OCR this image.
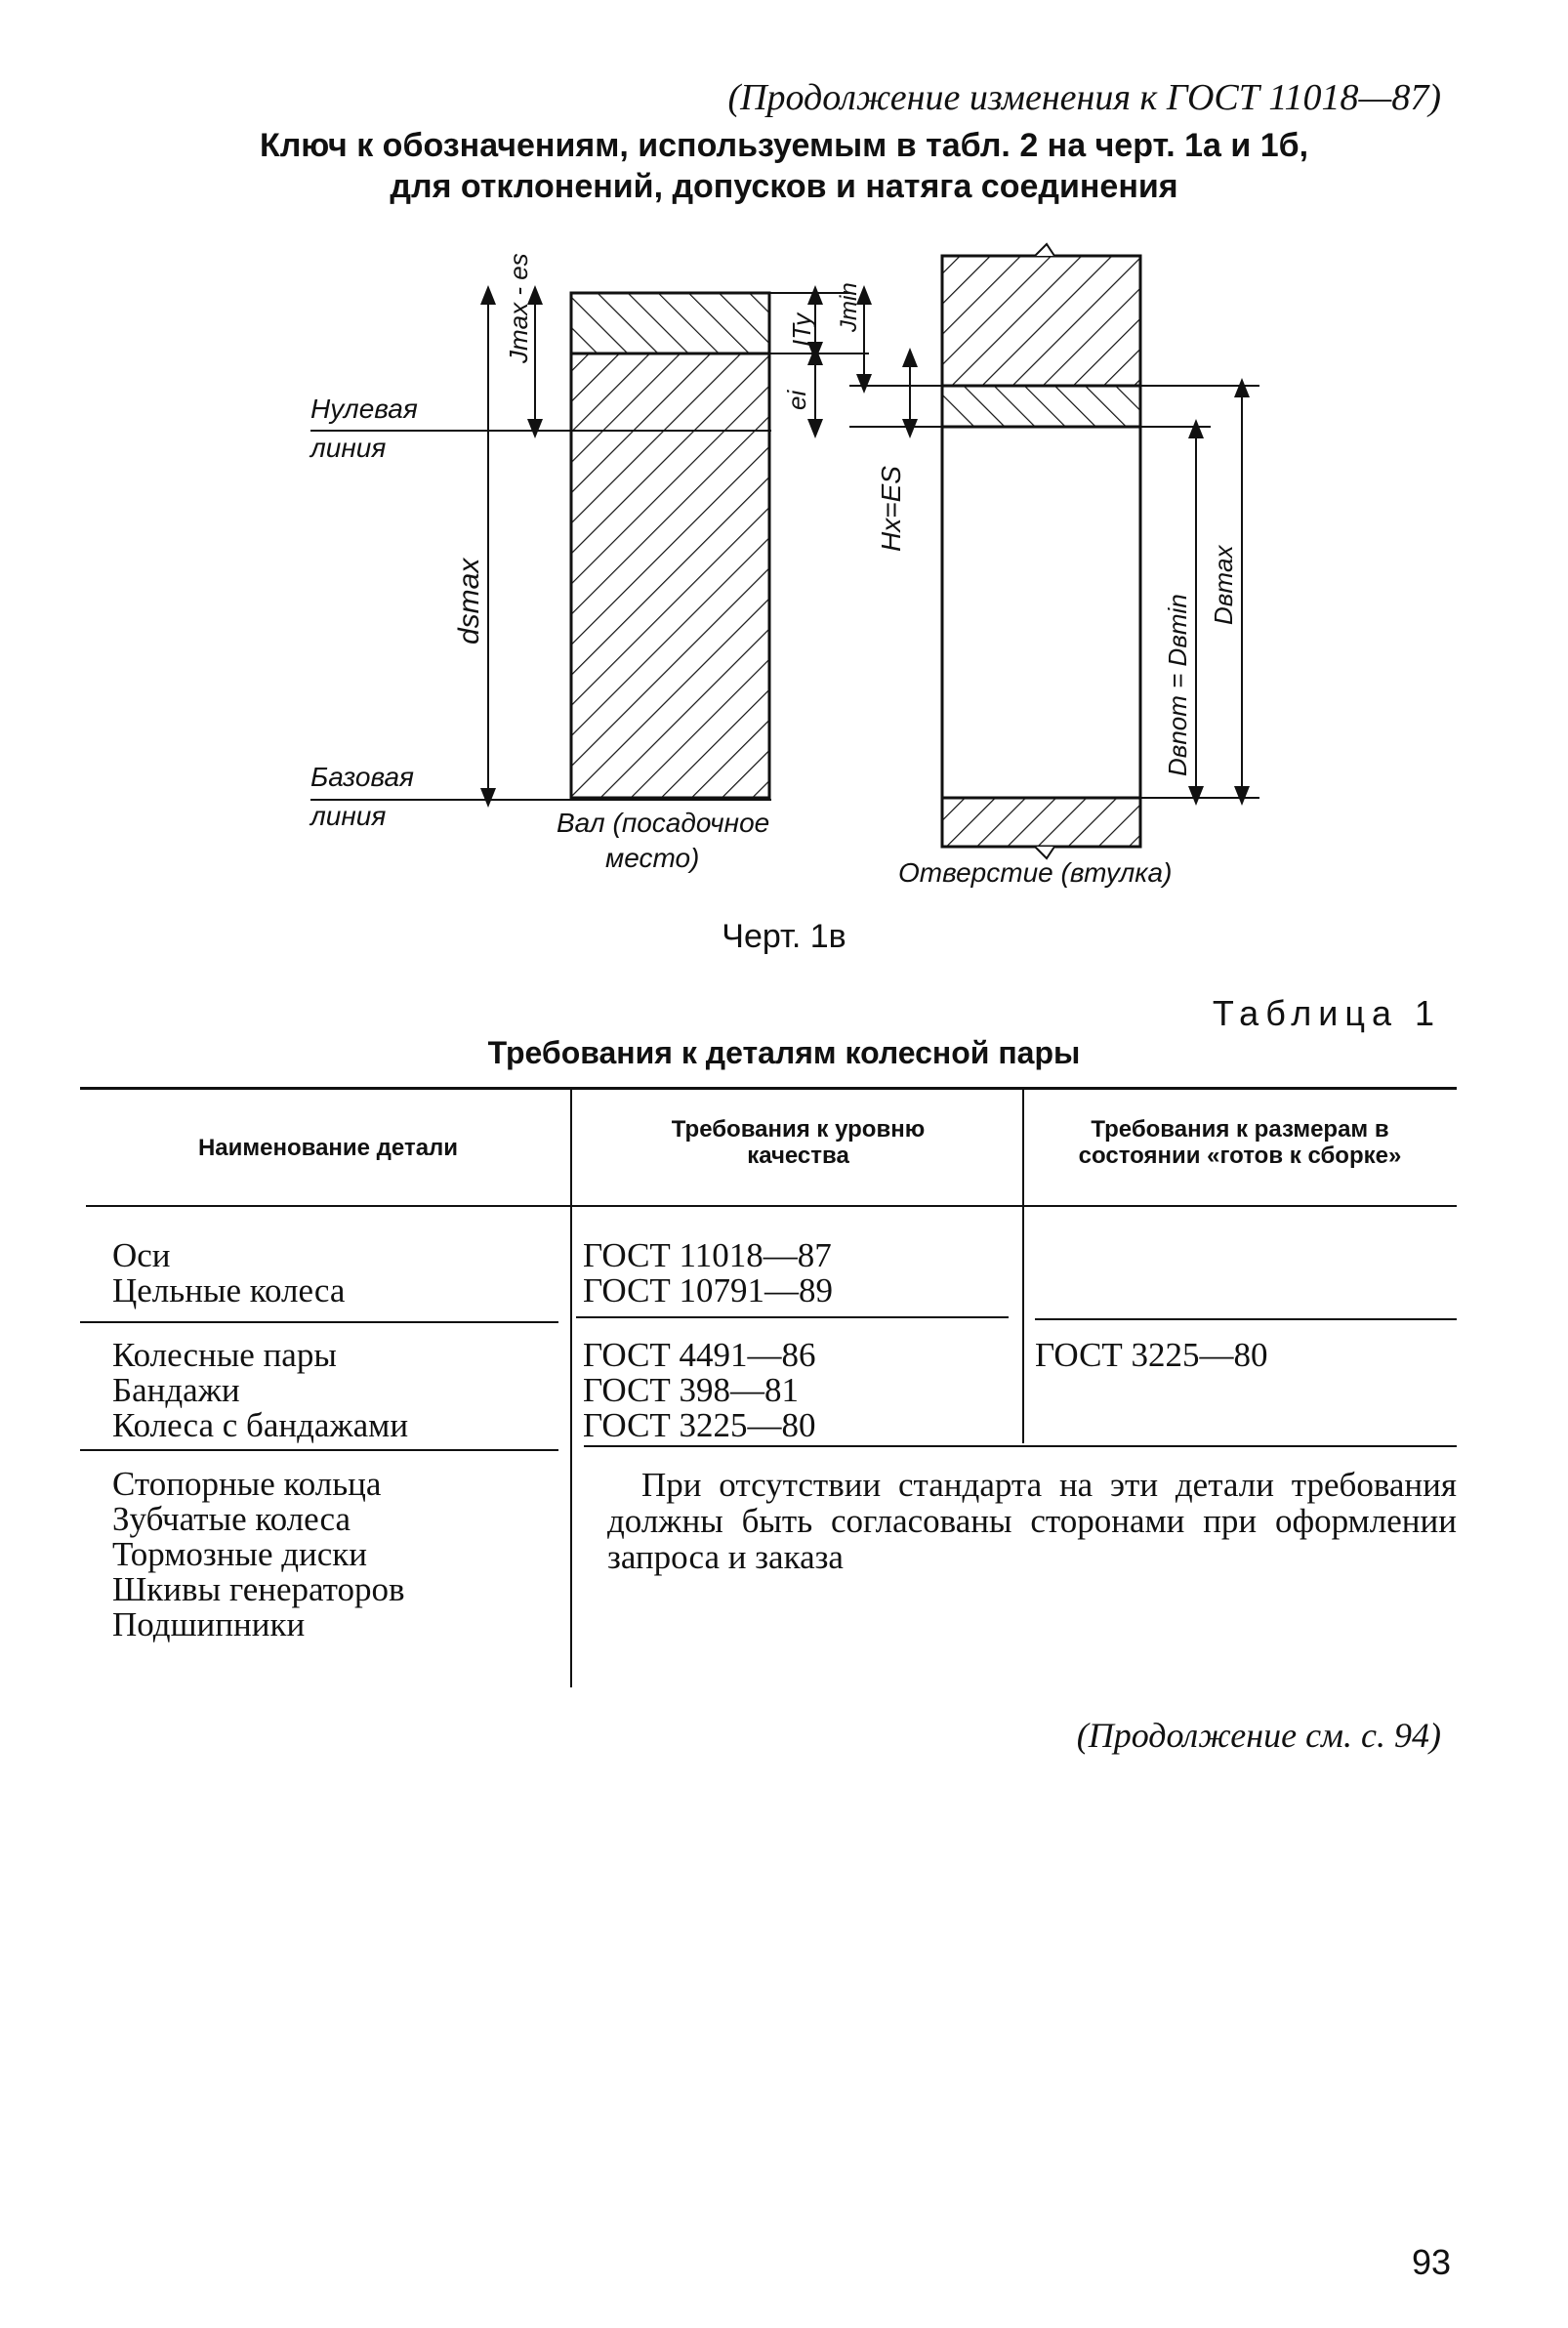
(Продолжение изменения к ГОСТ 11018—87)
Ключ к обозначениям, используемым в табл. 2 на черт. 1а и 1б,
для отклонений, допусков и натяга соединения
Jmax - es
dsmax
ITy Jmin
ei
Hx=ES
Dвnom = Dвmin
Dвmax
Нулевая
линия
Базовая
линия	Вал (посадочное
место)	Отверстие (втулка)
Черт. 1в
Таблица 1
Требования к деталям колесной пары
Наименование детали
Требования к уровню качества
Требования к размерам в состоянии «готов к сборке»
Оси
Цельные колеса
ГОСТ 11018—87
ГОСТ 10791—89
Колесные пары
Бандажи
Колеса с бандажами
ГОСТ 4491—86
ГОСТ 398—81
ГОСТ 3225—80
ГОСТ 3225—80
Стопорные кольца
Зубчатые колеса
Тормозные диски
Шкивы генераторов
Подшипники
При отсутствии стандарта на эти детали требования должны быть согласованы сторонами при оформлении запроса и заказа
(Продолжение см. с. 94)
93
